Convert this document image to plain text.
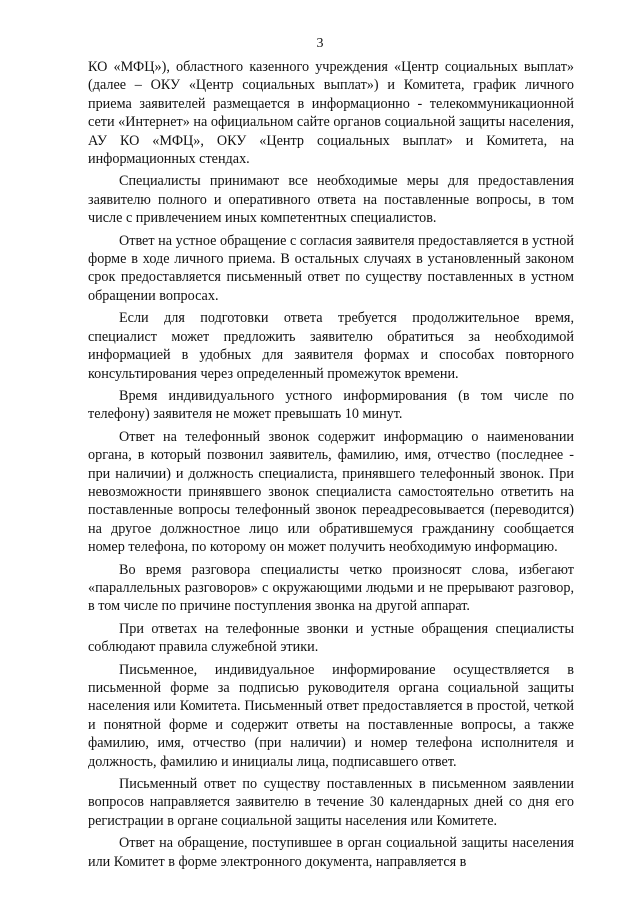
3

КО «МФЦ»), областного казенного учреждения «Центр социальных выплат» (далее – ОКУ «Центр социальных выплат») и Комитета, график личного приема заявителей размещается в информационно - телекоммуникационной сети «Интернет» на официальном сайте органов социальной защиты населения, АУ КО «МФЦ», ОКУ «Центр социальных выплат» и Комитета, на информационных стендах.

Специалисты принимают все необходимые меры для предоставления заявителю полного и оперативного ответа на поставленные вопросы, в том числе с привлечением иных компетентных специалистов.

Ответ на устное обращение с согласия заявителя предоставляется в устной форме в ходе личного приема. В остальных случаях в установленный законом срок предоставляется письменный ответ по существу поставленных в устном обращении вопросах.

Если для подготовки ответа требуется продолжительное время, специалист может предложить заявителю обратиться за необходимой информацией в удобных для заявителя формах и способах повторного консультирования через определенный промежуток времени.

Время индивидуального устного информирования (в том числе по телефону) заявителя не может превышать 10 минут.

Ответ на телефонный звонок содержит информацию о наименовании органа, в который позвонил заявитель, фамилию, имя, отчество (последнее - при наличии) и должность специалиста, принявшего телефонный звонок. При невозможности принявшего звонок специалиста самостоятельно ответить на поставленные вопросы телефонный звонок переадресовывается (переводится) на другое должностное лицо или обратившемуся гражданину сообщается номер телефона, по которому он может получить необходимую информацию.

Во время разговора специалисты четко произносят слова, избегают «параллельных разговоров» с окружающими людьми и не прерывают разговор, в том числе по причине поступления звонка на другой аппарат.

При ответах на телефонные звонки и устные обращения специалисты соблюдают правила служебной этики.

Письменное, индивидуальное информирование осуществляется в письменной форме за подписью руководителя органа социальной защиты населения или Комитета. Письменный ответ предоставляется в простой, четкой и понятной форме и содержит ответы на поставленные вопросы, а также фамилию, имя, отчество (при наличии) и номер телефона исполнителя и должность, фамилию и инициалы лица, подписавшего ответ.

Письменный ответ по существу поставленных в письменном заявлении вопросов направляется заявителю в течение 30 календарных дней со дня его регистрации в органе социальной защиты населения или Комитете.

Ответ на обращение, поступившее в орган социальной защиты населения или Комитет в форме электронного документа, направляется в
